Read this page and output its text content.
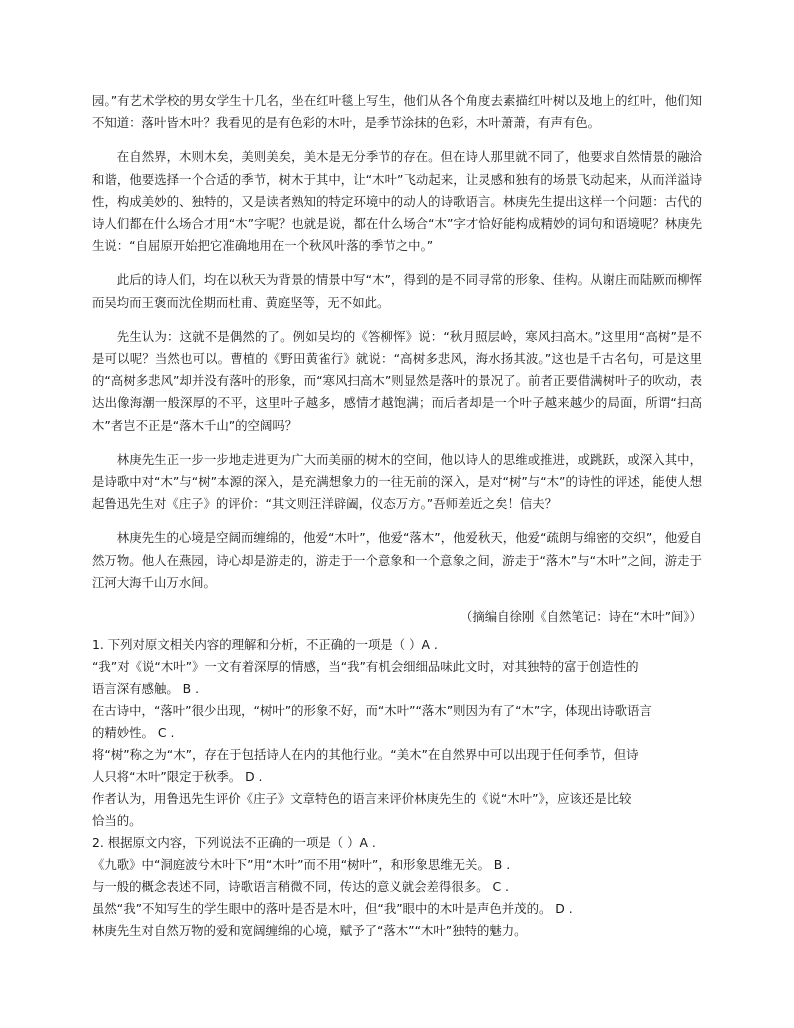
园。”有艺术学校的男女学生十几名，坐在红叶毯上写生，他们从各个角度去素描红叶树以及地上的红叶，他们知不知道：落叶皆木叶？我看见的是有色彩的木叶，是季节涂抹的色彩，木叶萧萧，有声有色。

在自然界，木则木矣，美则美矣，美木是无分季节的存在。但在诗人那里就不同了，他要求自然情景的融洽和谐，他要选择一个合适的季节，树木于其中，让“木叶”飞动起来，让灵感和独有的场景飞动起来，从而洋溢诗性，构成美妙的、独特的，又是读者熟知的特定环境中的动人的诗歌语言。林庚先生提出这样一个问题：古代的诗人们都在什么场合才用“木”字呢？也就是说，都在什么场合“木”字才恰好能构成精妙的词句和语境呢？林庚先生说：“自屈原开始把它准确地用在一个秋风叶落的季节之中。”

此后的诗人们，均在以秋天为背景的情景中写“木”，得到的是不同寻常的形象、佳构。从谢庄而陆厥而柳恽而吴均而王褒而沈佺期而杜甫、黄庭坚等，无不如此。

先生认为：这就不是偶然的了。例如吴均的《答柳恽》说：“秋月照层岭，寒风扫高木。”这里用“高树”是不是可以呢？当然也可以。曹植的《野田黄雀行》就说：“高树多悲风，海水扬其波。”这也是千古名句，可是这里的“高树多悲风”却并没有落叶的形象，而“寒风扫高木”则显然是落叶的景况了。前者正要借满树叶子的吹动，表达出像海潮一般深厚的不平，这里叶子越多，感情才越饱满；而后者却是一个叶子越来越少的局面，所谓“扫高木”者岂不正是“落木千山”的空阔吗？

林庚先生正一步一步地走进更为广大而美丽的树木的空间，他以诗人的思维或推进，或跳跃，或深入其中，是诗歌中对“木”与“树”本源的深入，是充满想象力的一往无前的深入，是对“树”与“木”的诗性的评述，能使人想起鲁迅先生对《庄子》的评价：“其文则汪洋辟阖，仪态万方。”吾师差近之矣！信夫？

林庚先生的心境是空阔而缠绵的，他爱“木叶”，他爱“落木”，他爱秋天，他爱“疏朗与绵密的交织”，他爱自然万物。他人在燕园，诗心却是游走的，游走于一个意象和一个意象之间，游走于“落木”与“木叶”之间，游走于江河大海千山万水间。

（摘编自徐刚《自然笔记：诗在“木叶”间》）

1. 下列对原文相关内容的理解和分析，不正确的一项是（ ）A .

“我”对《说“木叶”》一文有着深厚的情感，当“我”有机会细细品味此文时，对其独特的富于创造性的

语言深有感触。 B .

在古诗中，“落叶”很少出现，“树叶”的形象不好，而“木叶”“落木”则因为有了“木”字，体现出诗歌语言

的精妙性。 C .

将“树”称之为“木”，存在于包括诗人在内的其他行业。“美木”在自然界中可以出现于任何季节，但诗

人只将“木叶”限定于秋季。 D .

作者认为，用鲁迅先生评价《庄子》文章特色的语言来评价林庚先生的《说“木叶”》，应该还是比较

恰当的。

2. 根据原文内容，下列说法不正确的一项是（ ）A .

《九歌》中“洞庭波兮木叶下”用“木叶”而不用“树叶”，和形象思维无关。 B .

与一般的概念表述不同，诗歌语言稍微不同，传达的意义就会差得很多。 C .

虽然“我”不知写生的学生眼中的落叶是否是木叶，但“我”眼中的木叶是声色并茂的。 D .

林庚先生对自然万物的爱和宽阔缠绵的心境，赋予了“落木”“木叶”独特的魅力。
